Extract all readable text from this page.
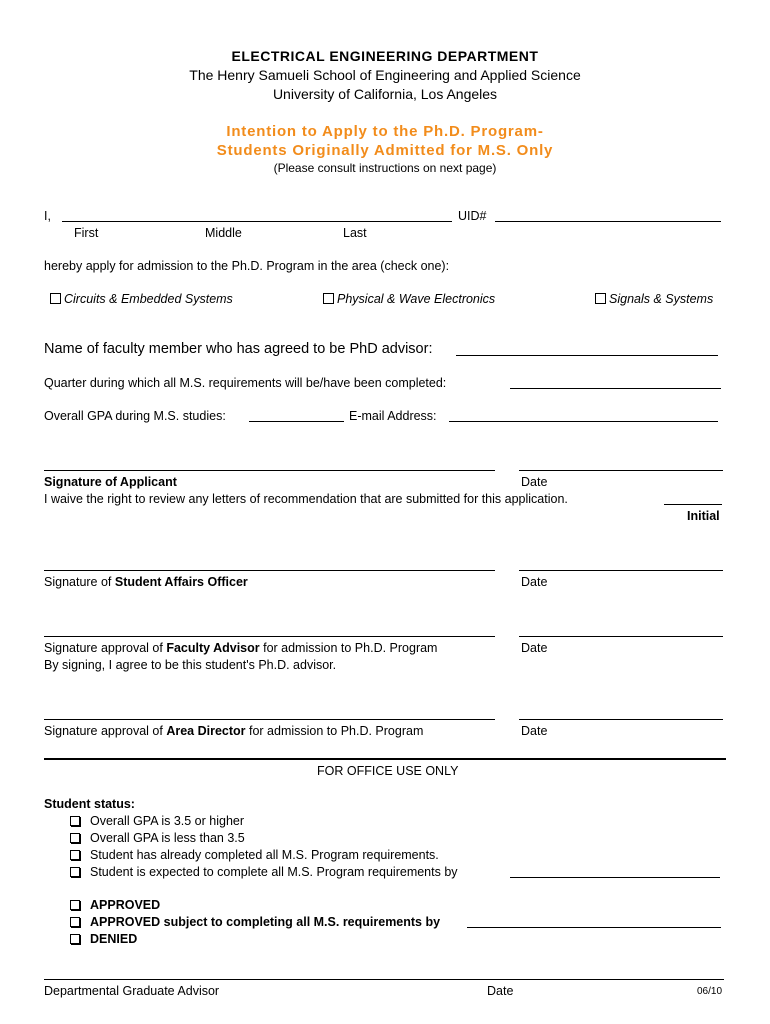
ELECTRICAL ENGINEERING DEPARTMENT
The Henry Samueli School of Engineering and Applied Science
University of California, Los Angeles
Intention to Apply to the Ph.D. Program-
Students Originally Admitted for M.S. Only
(Please consult instructions on next page)
I,	UID#
First	Middle	Last
hereby apply for admission to the Ph.D. Program in the area (check one):
Circuits & Embedded Systems	Physical & Wave Electronics	Signals & Systems
Name of faculty member who has agreed to be PhD advisor:
Quarter during which all M.S. requirements will be/have been completed:
Overall GPA during M.S. studies:	E-mail Address:
Signature of Applicant	Date
I waive the right to review any letters of recommendation that are submitted for this application.
Initial
Signature of Student Affairs Officer	Date
Signature approval of Faculty Advisor for admission to Ph.D. Program	Date
By signing, I agree to be this student's Ph.D. advisor.
Signature approval of Area Director for admission to Ph.D. Program	Date
FOR OFFICE USE ONLY
Student status:
Overall GPA is 3.5 or higher
Overall GPA is less than 3.5
Student has already completed all M.S. Program requirements.
Student is expected to complete all M.S. Program requirements by
APPROVED
APPROVED subject to completing all M.S. requirements by
DENIED
Departmental Graduate Advisor	Date	06/10
